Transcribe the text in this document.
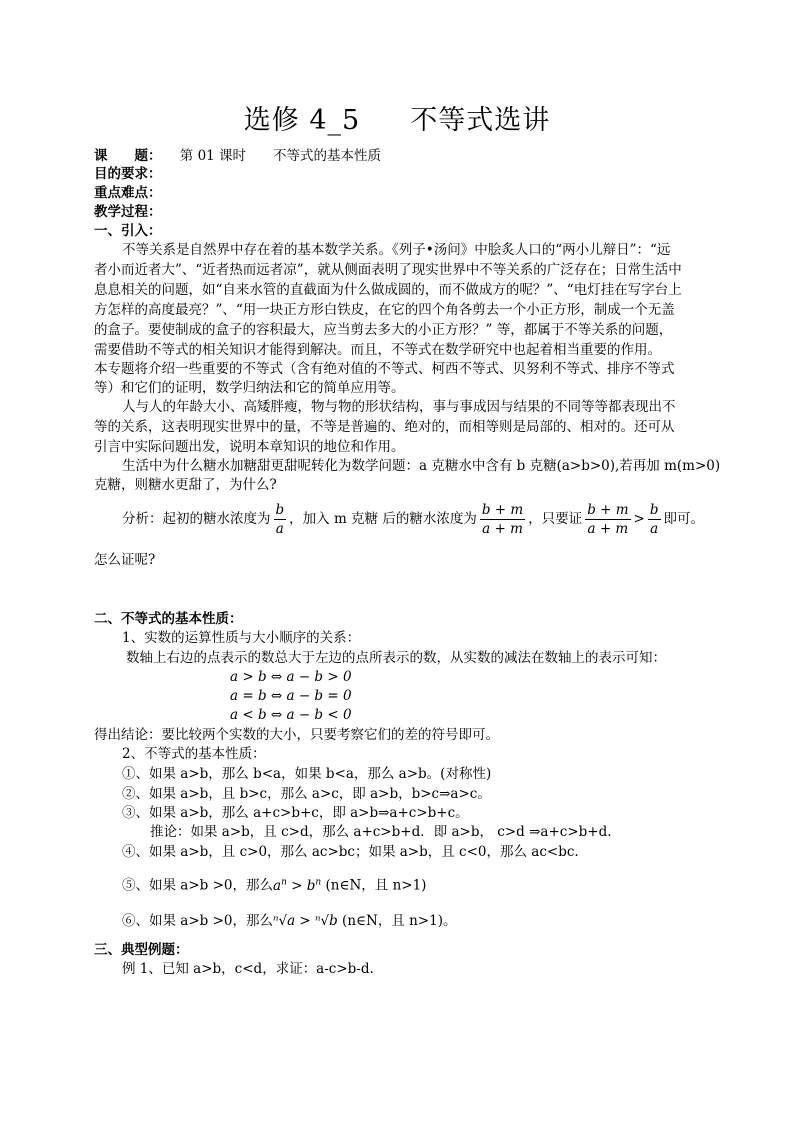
选修 4_5 不等式选讲
课　　题： 第 01 课时　　不等式的基本性质
目的要求：
重点难点：
教学过程：
一、引入：
不等关系是自然界中存在着的基本数学关系。《列子•汤问》中脍炙人口的“两小儿辩日”：“远
者小而近者大”、“近者热而远者凉”，就从侧面表明了现实世界中不等关系的广泛存在；日常生活中
息息相关的问题，如“自来水管的直截面为什么做成圆的，而不做成方的呢？”、“电灯挂在写字台上
方怎样的高度最亮？”、“用一块正方形白铁皮，在它的四个角各剪去一个小正方形，制成一个无盖
的盒子。要使制成的盒子的容积最大，应当剪去多大的小正方形？” 等，都属于不等关系的问题，
需要借助不等式的相关知识才能得到解决。而且，不等式在数学研究中也起着相当重要的作用。
本专题将介绍一些重要的不等式（含有绝对值的不等式、柯西不等式、贝努利不等式、排序不等式
等）和它们的证明，数学归纳法和它的简单应用等。
人与人的年龄大小、高矮胖瘦，物与物的形状结构，事与事成因与结果的不同等等都表现出不
等的关系，这表明现实世界中的量，不等是普遍的、绝对的，而相等则是局部的、相对的。还可从
引言中实际问题出发，说明本章知识的地位和作用。
生活中为什么糖水加糖甜更甜呢转化为数学问题：a 克糖水中含有 b 克糖(a>b>0),若再加 m(m>0)
克糖，则糖水更甜了，为什么?
分析：起初的糖水浓度为 $\frac{b}{a}$ ，加入 m 克糖 后的糖水浓度为 $\frac{b + m}{a + m}$ ，只要证 $\frac{b + m}{a + m} > \frac{b}{a}$ 即可。
怎么证呢?
二、不等式的基本性质：
1、实数的运算性质与大小顺序的关系：
数轴上右边的点表示的数总大于左边的点所表示的数，从实数的减法在数轴上的表示可知：
a > b ⇔ a − b > 0
a = b ⇔ a − b = 0
a < b ⇔ a − b < 0
得出结论：要比较两个实数的大小，只要考察它们的差的符号即可。
2、不等式的基本性质：
①、如果 a>b，那么 b<a，如果 b<a，那么 a>b。(对称性)
②、如果 a>b，且 b>c，那么 a>c，即 a>b，b>c⇒a>c。
③、如果 a>b，那么 a+c>b+c，即 a>b⇒a+c>b+c。
推论：如果 a>b，且 c>d，那么 a+c>b+d．即 a>b， c>d ⇒a+c>b+d.
④、如果 a>b，且 c>0，那么 ac>bc；如果 a>b，且 c<0，那么 ac<bc.
⑤、如果 a>b >0，那么$a^n > b^n$ (n∈N，且 n>1)
⑥、如果 a>b >0，那么ⁿ√a > ⁿ√b (n∈N，且 n>1)。
三、典型例题：
例 1、已知 a>b，c<d，求证：a-c>b-d.
